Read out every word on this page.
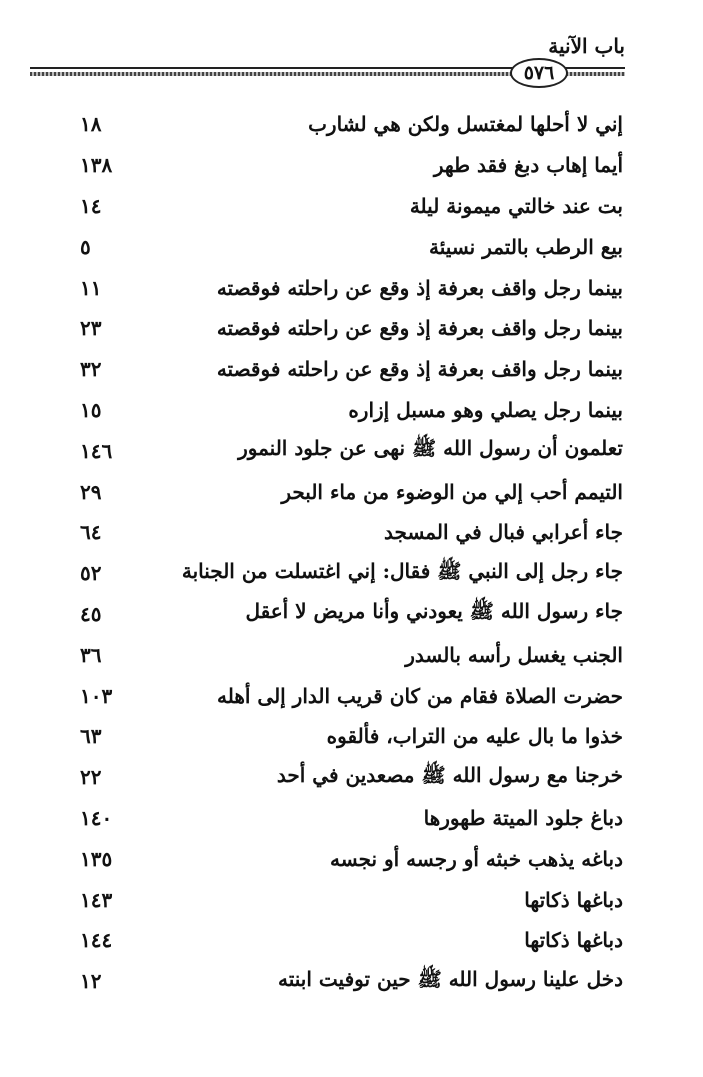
باب الآنية
٥٧٦
إني لا أحلها لمغتسل ولكن هي لشارب
١٨
أيما إهاب دبغ فقد طهر
١٣٨
بت عند خالتي ميمونة ليلة
١٤
بيع الرطب بالتمر نسيئة
٥
بينما رجل واقف بعرفة إذ وقع عن راحلته فوقصته
١١
بينما رجل واقف بعرفة إذ وقع عن راحلته فوقصته
٢٣
بينما رجل واقف بعرفة إذ وقع عن راحلته فوقصته
٣٢
بينما رجل يصلي وهو مسبل إزاره
١٥
تعلمون أن رسول الله ﷺ نهى عن جلود النمور
١٤٦
التيمم أحب إلي من الوضوء من ماء البحر
٢٩
جاء أعرابي فبال في المسجد
٦٤
جاء رجل إلى النبي ﷺ فقال: إني اغتسلت من الجنابة
٥٢
جاء رسول الله ﷺ يعودني وأنا مريض لا أعقل
٤٥
الجنب يغسل رأسه بالسدر
٣٦
حضرت الصلاة فقام من كان قريب الدار إلى أهله
١٠٣
خذوا ما بال عليه من التراب، فألقوه
٦٣
خرجنا مع رسول الله ﷺ مصعدين في أحد
٢٢
دباغ جلود الميتة طهورها
١٤٠
دباغه يذهب خبثه أو رجسه أو نجسه
١٣٥
دباغها ذكاتها
١٤٣
دباغها ذكاتها
١٤٤
دخل علينا رسول الله ﷺ حين توفيت ابنته
١٢
